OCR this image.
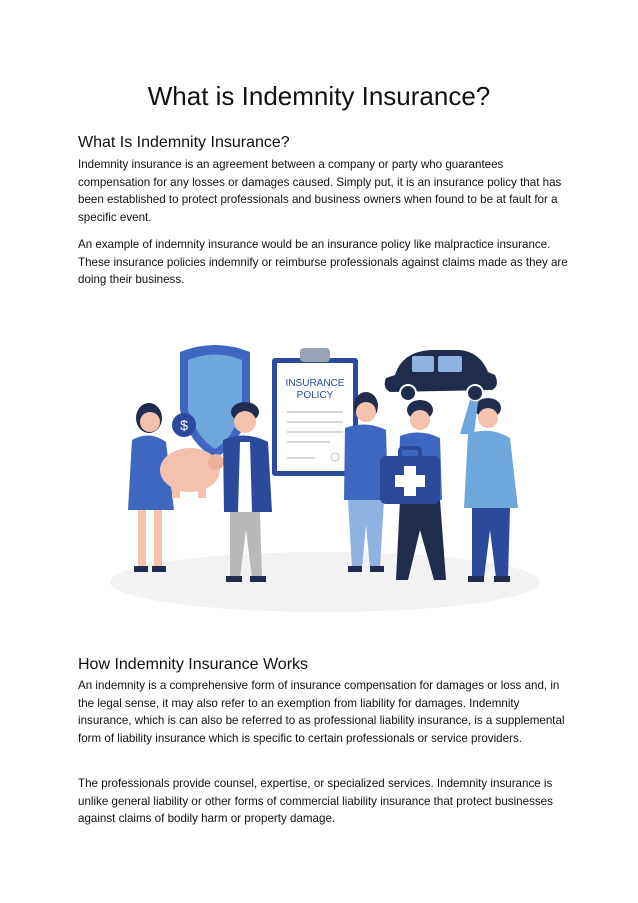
What is Indemnity Insurance?
What Is Indemnity Insurance?

Indemnity insurance is an agreement between a company or party who guarantees compensation for any losses or damages caused. Simply put, it is an insurance policy that has been established to protect professionals and business owners when found to be at fault for a specific event.

An example of indemnity insurance would be an insurance policy like malpractice insurance. These insurance policies indemnify or reimburse professionals against claims made as they are doing their business.

$
INSURANCE
POLICY
How Indemnity Insurance Works

An indemnity is a comprehensive form of insurance compensation for damages or loss and, in the legal sense, it may also refer to an exemption from liability for damages. Indemnity insurance, which is can also be referred to as professional liability insurance, is a supplemental form of liability insurance which is specific to certain professionals or service providers.

The professionals provide counsel, expertise, or specialized services. Indemnity insurance is unlike general liability or other forms of commercial liability insurance that protect businesses against claims of bodily harm or property damage.
